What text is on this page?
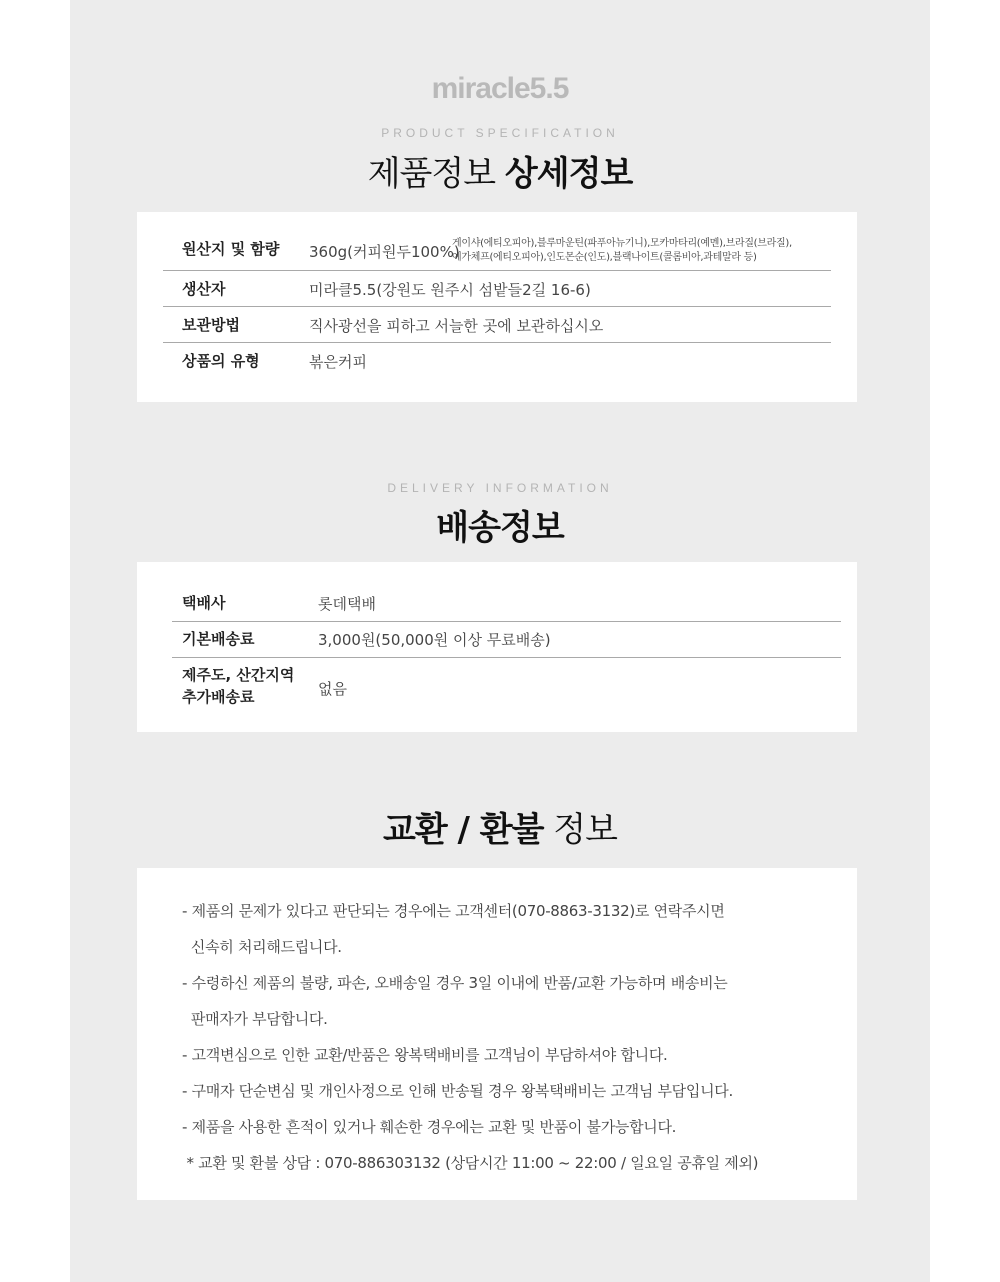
miracle5.5
PRODUCT SPECIFICATION
제품정보 상세정보
원산지 및 함량 360g(커피원두100%)
게이샤(에티오피아),블루마운틴(파푸아뉴기니),모카마타리(예멘),브라질(브라질),
예가체프(에티오피아),인도몬순(인도),블랙나이트(콜롬비아,과테말라 등)
생산자	미라클5.5(강원도 원주시 섬밭들2길 16-6)
보관방법	직사광선을 피하고 서늘한 곳에 보관하십시오
상품의 유형	볶은커피
DELIVERY INFORMATION
배송정보
택배사	롯데택배
기본배송료	3,000원(50,000원 이상 무료배송)
제주도, 산간지역
추가배송료	없음
교환 / 환불 정보
- 제품의 문제가 있다고 판단되는 경우에는 고객센터(070-8863-3132)로 연락주시면
신속히 처리해드립니다.
- 수령하신 제품의 불량, 파손, 오배송일 경우 3일 이내에 반품/교환 가능하며 배송비는
판매자가 부담합니다.
- 고객변심으로 인한 교환/반품은 왕복택배비를 고객님이 부담하셔야 합니다.
- 구매자 단순변심 및 개인사정으로 인해 반송될 경우 왕복택배비는 고객님 부담입니다.
- 제품을 사용한 흔적이 있거나 훼손한 경우에는 교환 및 반품이 불가능합니다.
* 교환 및 환불 상담 : 070-886303132 (상담시간 11:00 ~ 22:00 / 일요일 공휴일 제외)
